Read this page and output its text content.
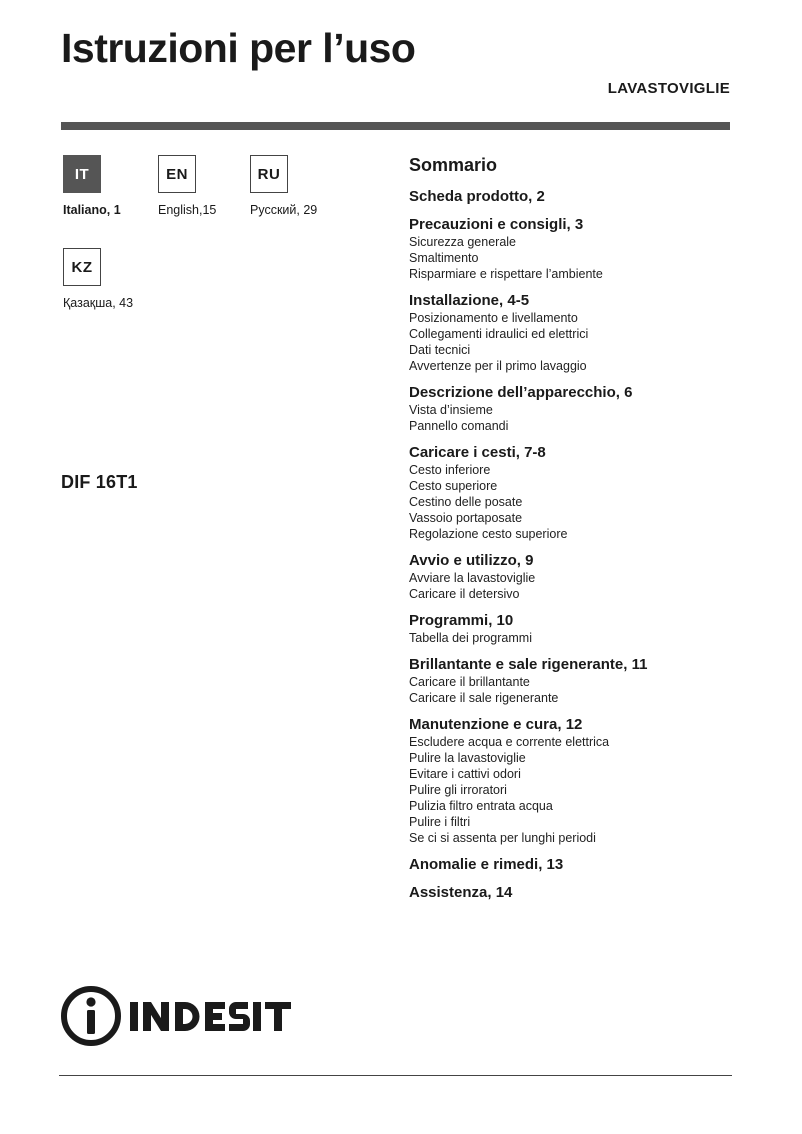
Istruzioni per l’uso
LAVASTOVIGLIE
IT
Italiano, 1
EN
English,15
RU
Русский, 29
KZ
Қазақша, 43
DIF 16T1
Sommario
Scheda prodotto, 2
Precauzioni e consigli, 3
Sicurezza generale
Smaltimento
Risparmiare e rispettare l’ambiente
Installazione, 4-5
Posizionamento e livellamento
Collegamenti idraulici ed elettrici
Dati tecnici
Avvertenze per il primo lavaggio
Descrizione dell’apparecchio, 6
Vista d’insieme
Pannello comandi
Caricare i cesti, 7-8
Cesto inferiore
Cesto superiore
Cestino delle posate
Vassoio portaposate
Regolazione cesto superiore
Avvio e utilizzo, 9
Avviare la lavastoviglie
Caricare il detersivo
Programmi, 10
Tabella dei programmi
Brillantante e sale rigenerante, 11
Caricare il brillantante
Caricare il sale rigenerante
Manutenzione e cura, 12
Escludere acqua e corrente elettrica
Pulire la lavastoviglie
Evitare i cattivi odori
Pulire gli irroratori
Pulizia filtro entrata acqua
Pulire i filtri
Se ci si assenta per lunghi periodi
Anomalie e rimedi, 13
Assistenza, 14
